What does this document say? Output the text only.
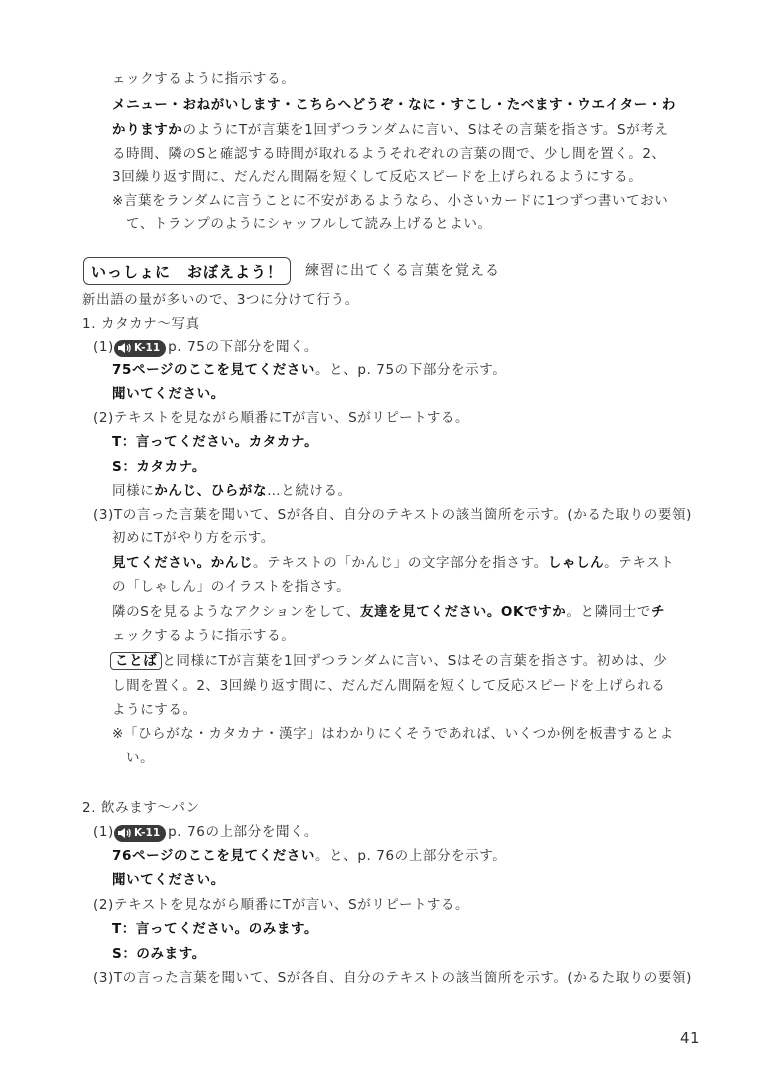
ェックするように指示する。
メニュー・おねがいします・こちらへどうぞ・なに・すこし・たべます・ウエイター・わ
かりますかのようにTが言葉を1回ずつランダムに言い、Sはその言葉を指さす。Sが考え
る時間、隣のSと確認する時間が取れるようそれぞれの言葉の間で、少し間を置く。2、
3回繰り返す間に、だんだん間隔を短くして反応スピードを上げられるようにする。
※言葉をランダムに言うことに不安があるようなら、小さいカードに1つずつ書いておい
て、トランプのようにシャッフルして読み上げるとよい。
いっしょに　おぼえよう！	練習に出てくる言葉を覚える
新出語の量が多いので、3つに分けて行う。
1. カタカナ～写真
(1) K-11 p. 75の下部分を聞く。
75ページのここを見てください。と、p. 75の下部分を示す。
聞いてください。
(2)テキストを見ながら順番にTが言い、Sがリピートする。
T：言ってください。カタカナ。
S：カタカナ。
同様にかんじ、ひらがな…と続ける。
(3)Tの言った言葉を聞いて、Sが各自、自分のテキストの該当箇所を示す。(かるた取りの要領)
初めにTがやり方を示す。
見てください。かんじ。テキストの「かんじ」の文字部分を指さす。しゃしん。テキスト
の「しゃしん」のイラストを指さす。
隣のSを見るようなアクションをして、友達を見てください。OKですか。と隣同士でチ
ェックするように指示する。
ことば と同様にTが言葉を1回ずつランダムに言い、Sはその言葉を指さす。初めは、少
し間を置く。2、3回繰り返す間に、だんだん間隔を短くして反応スピードを上げられる
ようにする。
※「ひらがな・カタカナ・漢字」はわかりにくそうであれば、いくつか例を板書するとよ
い。
2. 飲みます～パン
(1) K-11 p. 76の上部分を聞く。
76ページのここを見てください。と、p. 76の上部分を示す。
聞いてください。
(2)テキストを見ながら順番にTが言い、Sがリピートする。
T：言ってください。のみます。
S：のみます。
(3)Tの言った言葉を聞いて、Sが各自、自分のテキストの該当箇所を示す。(かるた取りの要領)
41
